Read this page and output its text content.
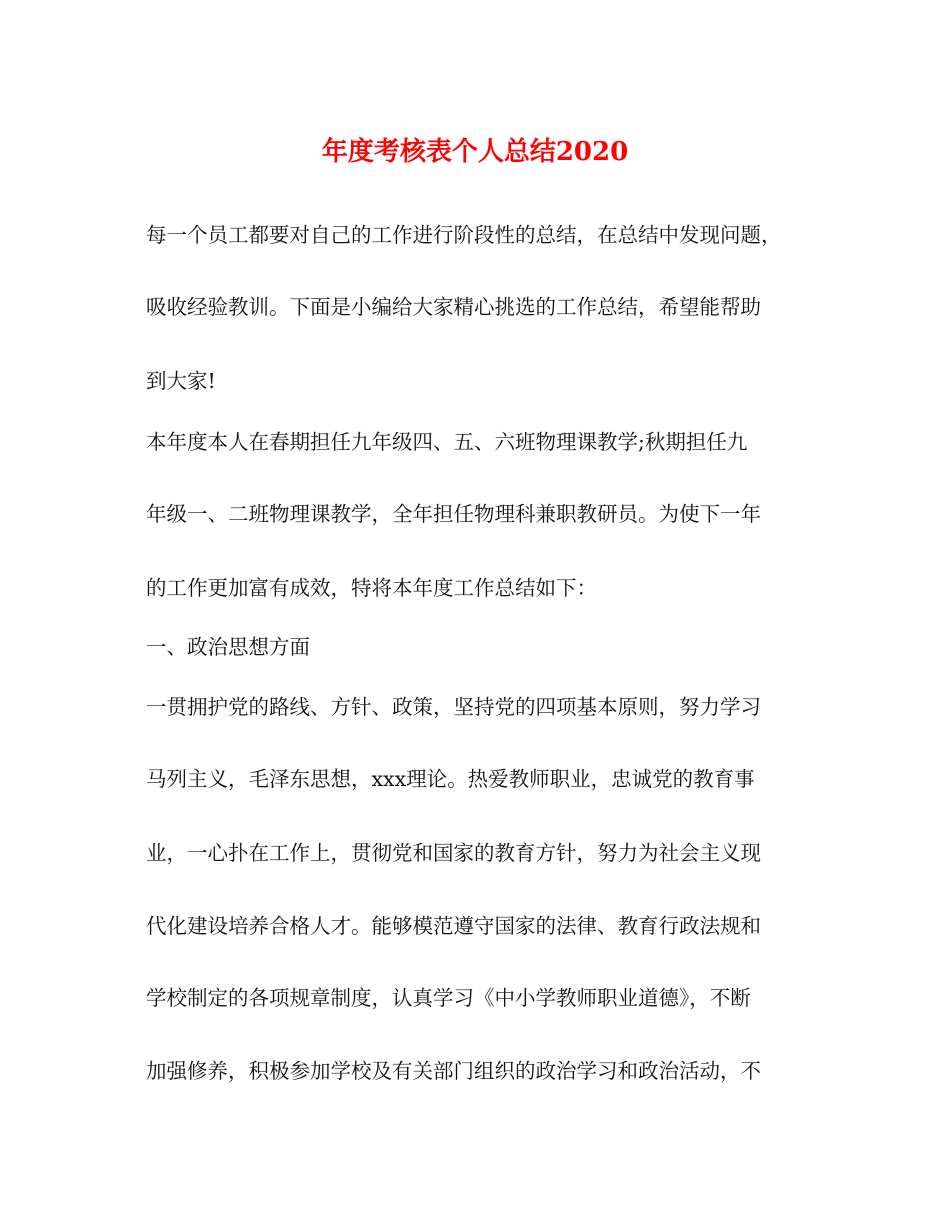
年度考核表个人总结2020

每一个员工都要对自己的工作进行阶段性的总结，在总结中发现问题，

吸收经验教训。下面是小编给大家精心挑选的工作总结，希望能帮助

到大家!

本年度本人在春期担任九年级四、五、六班物理课教学;秋期担任九

年级一、二班物理课教学，全年担任物理科兼职教研员。为使下一年

的工作更加富有成效，特将本年度工作总结如下：

一、政治思想方面

一贯拥护党的路线、方针、政策，坚持党的四项基本原则，努力学习

马列主义，毛泽东思想，xxx理论。热爱教师职业，忠诚党的教育事

业，一心扑在工作上，贯彻党和国家的教育方针，努力为社会主义现

代化建设培养合格人才。能够模范遵守国家的法律、教育行政法规和

学校制定的各项规章制度，认真学习《中小学教师职业道德》，不断

加强修养，积极参加学校及有关部门组织的政治学习和政治活动，不
